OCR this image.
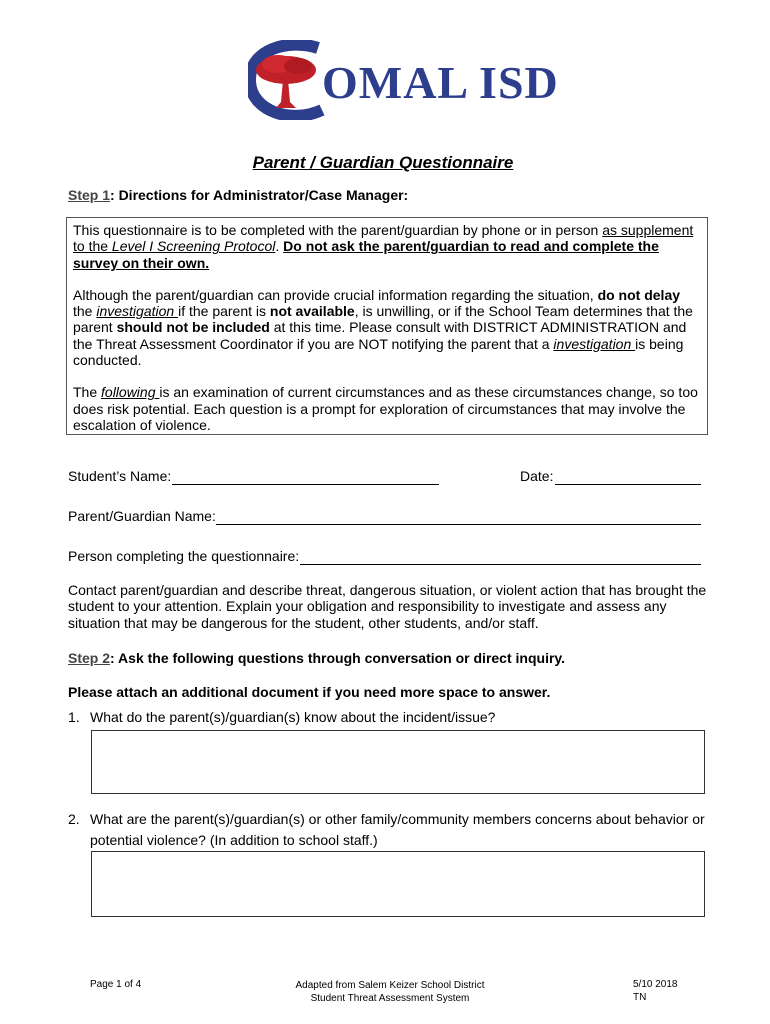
OMAL ISD
Parent / Guardian Questionnaire
Step 1: Directions for Administrator/Case Manager:

This questionnaire is to be completed with the parent/guardian by phone or in person as supplement to the Level I Screening Protocol. Do not ask the parent/guardian to read and complete the survey on their own.

Although the parent/guardian can provide crucial information regarding the situation, do not delay the investigation if the parent is not available, is unwilling, or if the School Team determines that the parent should not be included at this time. Please consult with DISTRICT ADMINISTRATION and the Threat Assessment Coordinator if you are NOT notifying the parent that a investigation is being conducted.

The following is an examination of current circumstances and as these circumstances change, so too does risk potential. Each question is a prompt for exploration of circumstances that may involve the escalation of violence.

Student’s Name:	Date:
Parent/Guardian Name:
Person completing the questionnaire:
Contact parent/guardian and describe threat, dangerous situation, or violent action that has brought the student to your attention. Explain your obligation and responsibility to investigate and assess any situation that may be dangerous for the student, other students, and/or staff.
Step 2: Ask the following questions through conversation or direct inquiry.
Please attach an additional document if you need more space to answer.
1. What do the parent(s)/guardian(s) know about the incident/issue?
2. What are the parent(s)/guardian(s) or other family/community members concerns about behavior or
potential violence? (In addition to school staff.)
Page 1 of 4	Adapted from Salem Keizer School District
Student Threat Assessment System
5/10 2018
TN
